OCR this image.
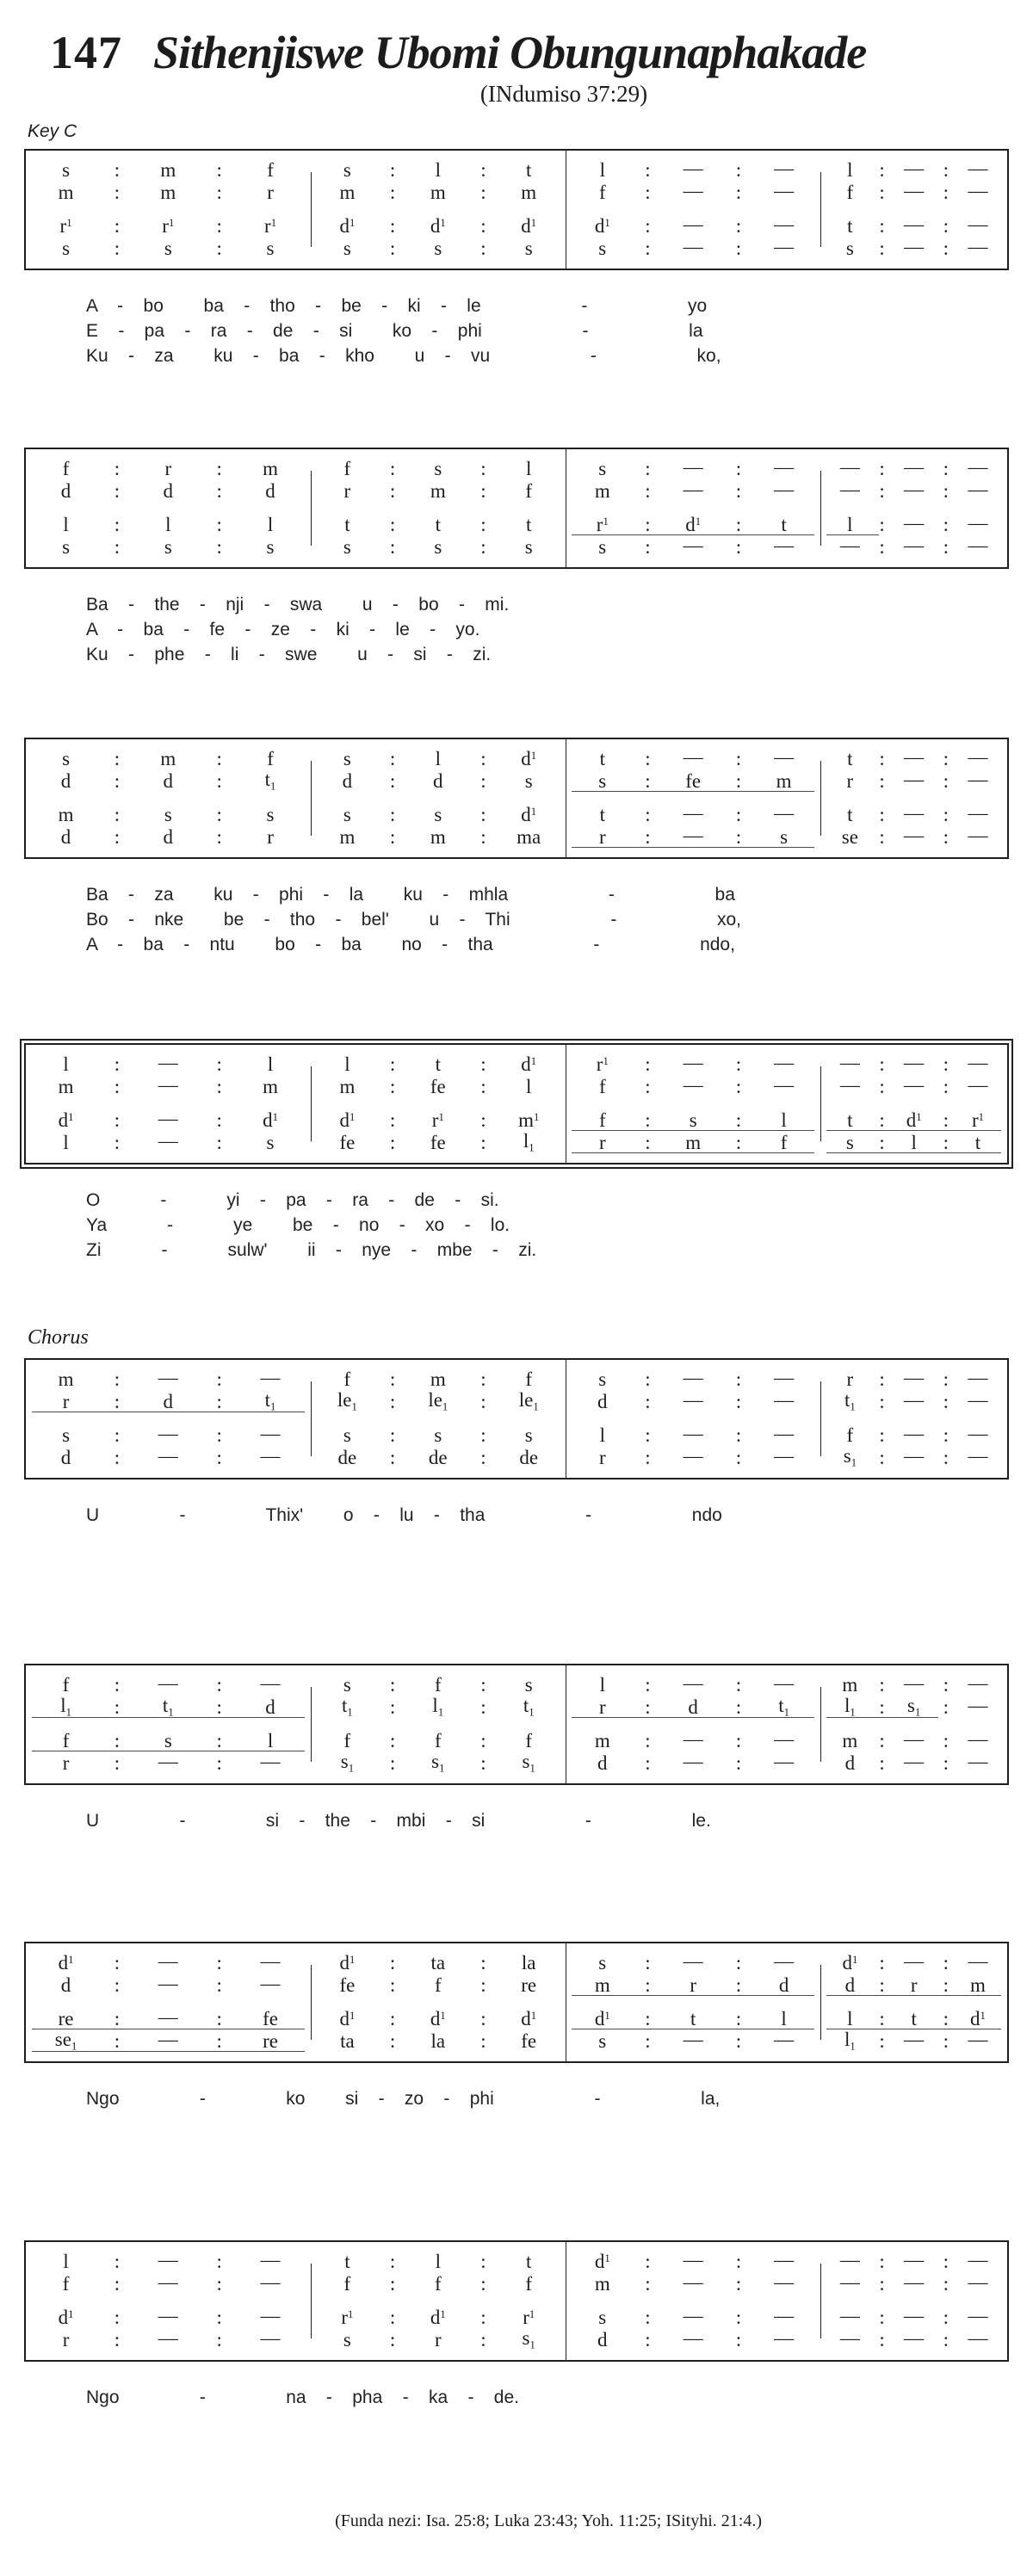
147 Sithenjiswe Ubomi Obungunaphakade
(INdumiso 37:29)
Key C
s	:	m	:	f	s	:	l	:	t	l	:	—	:	—	l	: — : —
m	:	m	:	r	m	:	m	:	m	f	:	—	:	—	f	: — : —
$r^1$	:	$r^1$	:	$r^1$	$d^1$	:	$d^1$	:	$d^1$	$d^1$	:	—	:	—	t	: — : —
s	:	s	:	s	s	:	s	:	s	s	:	—	:	—	s	: — : —
A    -    bo        ba    -    tho    -    be    -    ki    -    le                    -                    yo
E    -    pa    -    ra    -    de    -    si        ko    -    phi                    -                    la
Ku    -    za        ku    -    ba    -    kho        u    -    vu                    -                    ko,
f	:	r	:	m	f	:	s	:	l	s	:	—	:	—	— : — : —
d	:	d	:	d	r	:	m	:	f	m	:	—	:	—	— : — : —
l	:	l	:	l	t	:	t	:	t	$r^1$	:	$d^1$	:	t	l	: — : —
s	:	s	:	s	s	:	s	:	s	s	:	—	:	—	— : — : —
Ba    -    the    -    nji    -    swa        u    -    bo    -    mi.
A    -    ba    -    fe    -    ze    -    ki    -    le    -    yo.
Ku    -    phe    -    li    -    swe        u    -    si    -    zi.
s	:	m	:	f	s	:	l	:	$d^1$	t	:	—	:	—	t	: — : —
d	:	d	:	$t_1$	d	:	d	:	s	s	:	fe	:	m	r	: — : —
m	:	s	:	s	s	:	s	:	$d^1$	t	:	—	:	—	t	: — : —
d	:	d	:	r	m	:	m	:	ma	r	:	—	:	s	se	: — : —
Ba    -    za        ku    -    phi    -    la        ku    -    mhla                    -                    ba
Bo    -    nke        be    -    tho    -    bel'        u    -    Thi                    -                    xo,
A    -    ba    -    ntu        bo    -    ba        no    -    tha                    -                    ndo,
l	:	—	:	l	l	:	t	:	$d^1$	$r^1$	:	—	:	—	— : — : —
m	:	—	:	m	m	:	fe	:	l	f	:	—	:	—	— : — : —
$d^1$	:	—	:	$d^1$	$d^1$	:	$r^1$	:	$m^1$	f	:	s	:	l	t	:	$d^1$	:	$r^1$
l	:	—	:	s	fe	:	fe	:	$l_1$	r	:	m	:	f	s	:	l	:	t
O            -            yi    -    pa    -    ra    -    de    -    si.
Ya            -            ye        be    -    no    -    xo    -    lo.
Zi            -            sulw'        ii    -    nye    -    mbe    -    zi.
Chorus
m	:	—	:	—	f	:	m	:	f	s	:	—	:	—	r	: — : —
r	:	d	:	$t_1$	$le_1$	:	$le_1$	:	$le_1$	d	:	—	:	—	$t_1$	: — : —
s	:	—	:	—	s	:	s	:	s	l	:	—	:	—	f	: — : —
d	:	—	:	—	de	:	de	:	de	r	:	—	:	—	$s_1$	: — : —
U                -                Thix'        o    -    lu    -    tha                    -                    ndo
f	:	—	:	—	s	:	f	:	s	l	:	—	:	—	m	: — : —
$l_1$	:	$t_1$	:	d	$t_1$	:	$l_1$	:	$t_1$	r	:	d	:	$t_1$	$l_1$	:	$s_1$	: —
f	:	s	:	l	f	:	f	:	f	m	:	—	:	—	m	: — : —
r	:	—	:	—	$s_1$	:	$s_1$	:	$s_1$	d	:	—	:	—	d	: — : —
U                -                si    -    the    -    mbi    -    si                    -                    le.
$d^1$	:	—	:	—	$d^1$	:	ta	:	la	s	:	—	:	—	$d^1$	: — : —
d	:	—	:	—	fe	:	f	:	re	m	:	r	:	d	d	:	r	:	m
re	:	—	:	fe	$d^1$	:	$d^1$	:	$d^1$	$d^1$	:	t	:	l	l	:	t	:	$d^1$
$se_1$	:	—	:	re	ta	:	la	:	fe	s	:	—	:	—	$l_1$	: — : —
Ngo                -                ko        si    -    zo    -    phi                    -                    la,
l	:	—	:	—	t	:	l	:	t	$d^1$	:	—	:	—	— : — : —
f	:	—	:	—	f	:	f	:	f	m	:	—	:	—	— : — : —
$d^1$	:	—	:	—	$r^1$	:	$d^1$	:	$r^1$	s	:	—	:	—	— : — : —
r	:	—	:	—	s	:	r	:	$s_1$	d	:	—	:	—	— : — : —
Ngo                -                na    -    pha    -    ka    -    de.
(Funda nezi: Isa. 25:8; Luka 23:43; Yoh. 11:25; ISityhi. 21:4.)
